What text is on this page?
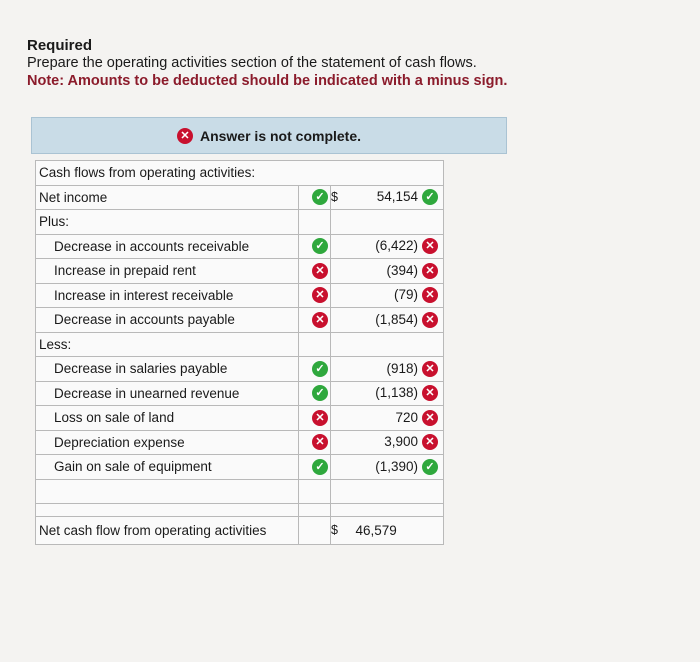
Required
Prepare the operating activities section of the statement of cash flows.
Note: Amounts to be deducted should be indicated with a minus sign.
✕ Answer is not complete.
Cash flows from operating activities:			
Net income	✓	$	54,154 ✓
Plus:			
Decrease in accounts receivable	✓		(6,422) ✕
Increase in prepaid rent	✕		(394) ✕
Increase in interest receivable	✕		(79) ✕
Decrease in accounts payable	✕		(1,854) ✕
Less:			
Decrease in salaries payable	✓		(918) ✕
Decrease in unearned revenue	✓		(1,138) ✕
Loss on sale of land	✕		720 ✕
Depreciation expense	✕		3,900 ✕
Gain on sale of equipment	✓		(1,390) ✓

Net cash flow from operating activities		$	46,579
